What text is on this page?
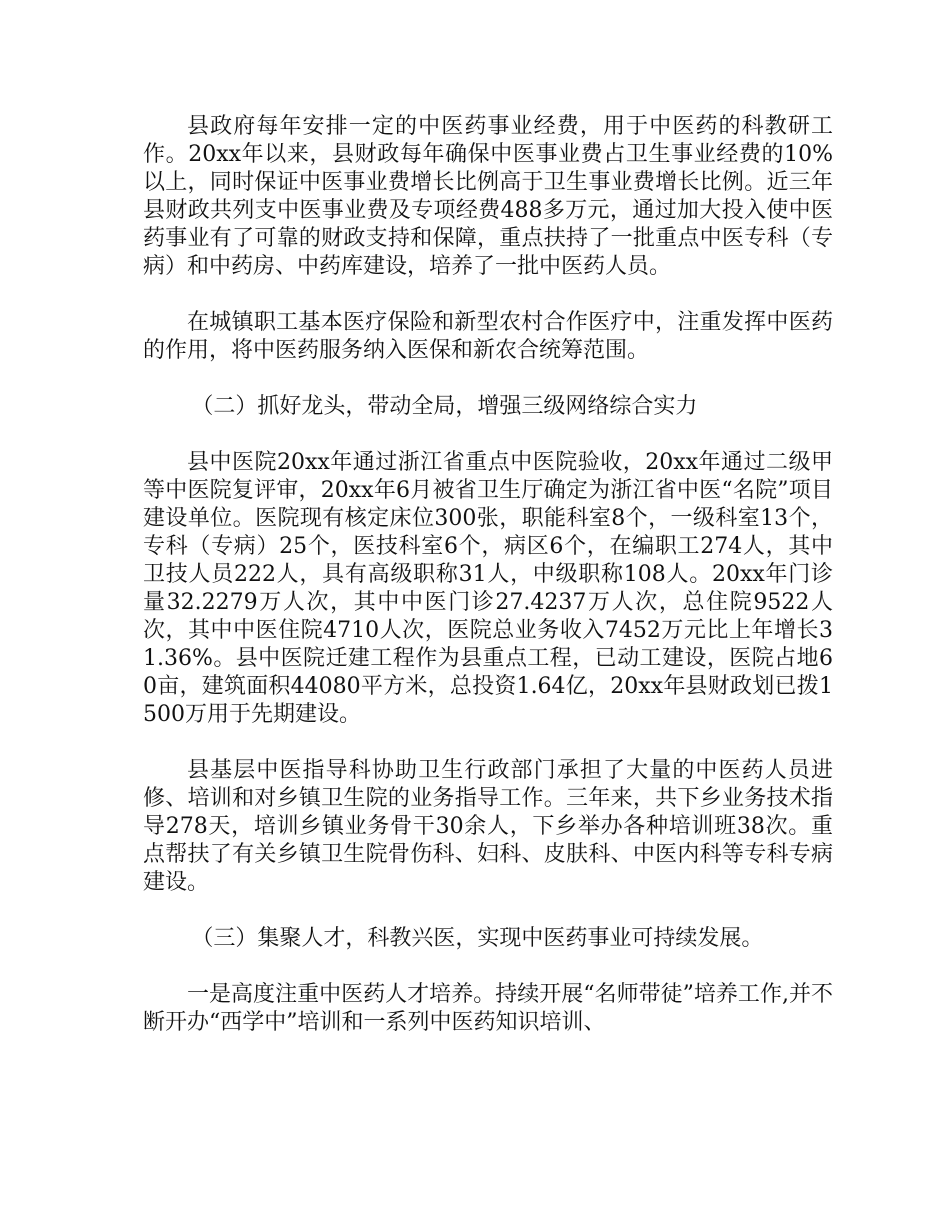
县政府每年安排一定的中医药事业经费，用于中医药的科教研工作。20xx年以来，县财政每年确保中医事业费占卫生事业经费的10%以上，同时保证中医事业费增长比例高于卫生事业费增长比例。近三年县财政共列支中医事业费及专项经费488多万元，通过加大投入使中医药事业有了可靠的财政支持和保障，重点扶持了一批重点中医专科（专病）和中药房、中药库建设，培养了一批中医药人员。

在城镇职工基本医疗保险和新型农村合作医疗中，注重发挥中医药的作用，将中医药服务纳入医保和新农合统筹范围。

（二）抓好龙头，带动全局，增强三级网络综合实力

县中医院20xx年通过浙江省重点中医院验收，20xx年通过二级甲等中医院复评审，20xx年6月被省卫生厅确定为浙江省中医“名院”项目建设单位。医院现有核定床位300张，职能科室8个，一级科室13个，专科（专病）25个，医技科室6个，病区6个，在编职工274人，其中卫技人员222人，具有高级职称31人，中级职称108人。20xx年门诊量32.2279万人次，其中中医门诊27.4237万人次，总住院9522人次，其中中医住院4710人次，医院总业务收入7452万元比上年增长31.36%。县中医院迁建工程作为县重点工程，已动工建设，医院占地60亩，建筑面积44080平方米，总投资1.64亿，20xx年县财政划已拨1500万用于先期建设。

县基层中医指导科协助卫生行政部门承担了大量的中医药人员进修、培训和对乡镇卫生院的业务指导工作。三年来，共下乡业务技术指导278天，培训乡镇业务骨干30余人，下乡举办各种培训班38次。重点帮扶了有关乡镇卫生院骨伤科、妇科、皮肤科、中医内科等专科专病建设。

（三）集聚人才，科教兴医，实现中医药事业可持续发展。

一是高度注重中医药人才培养。持续开展“名师带徒”培养工作,并不断开办“西学中”培训和一系列中医药知识培训、
